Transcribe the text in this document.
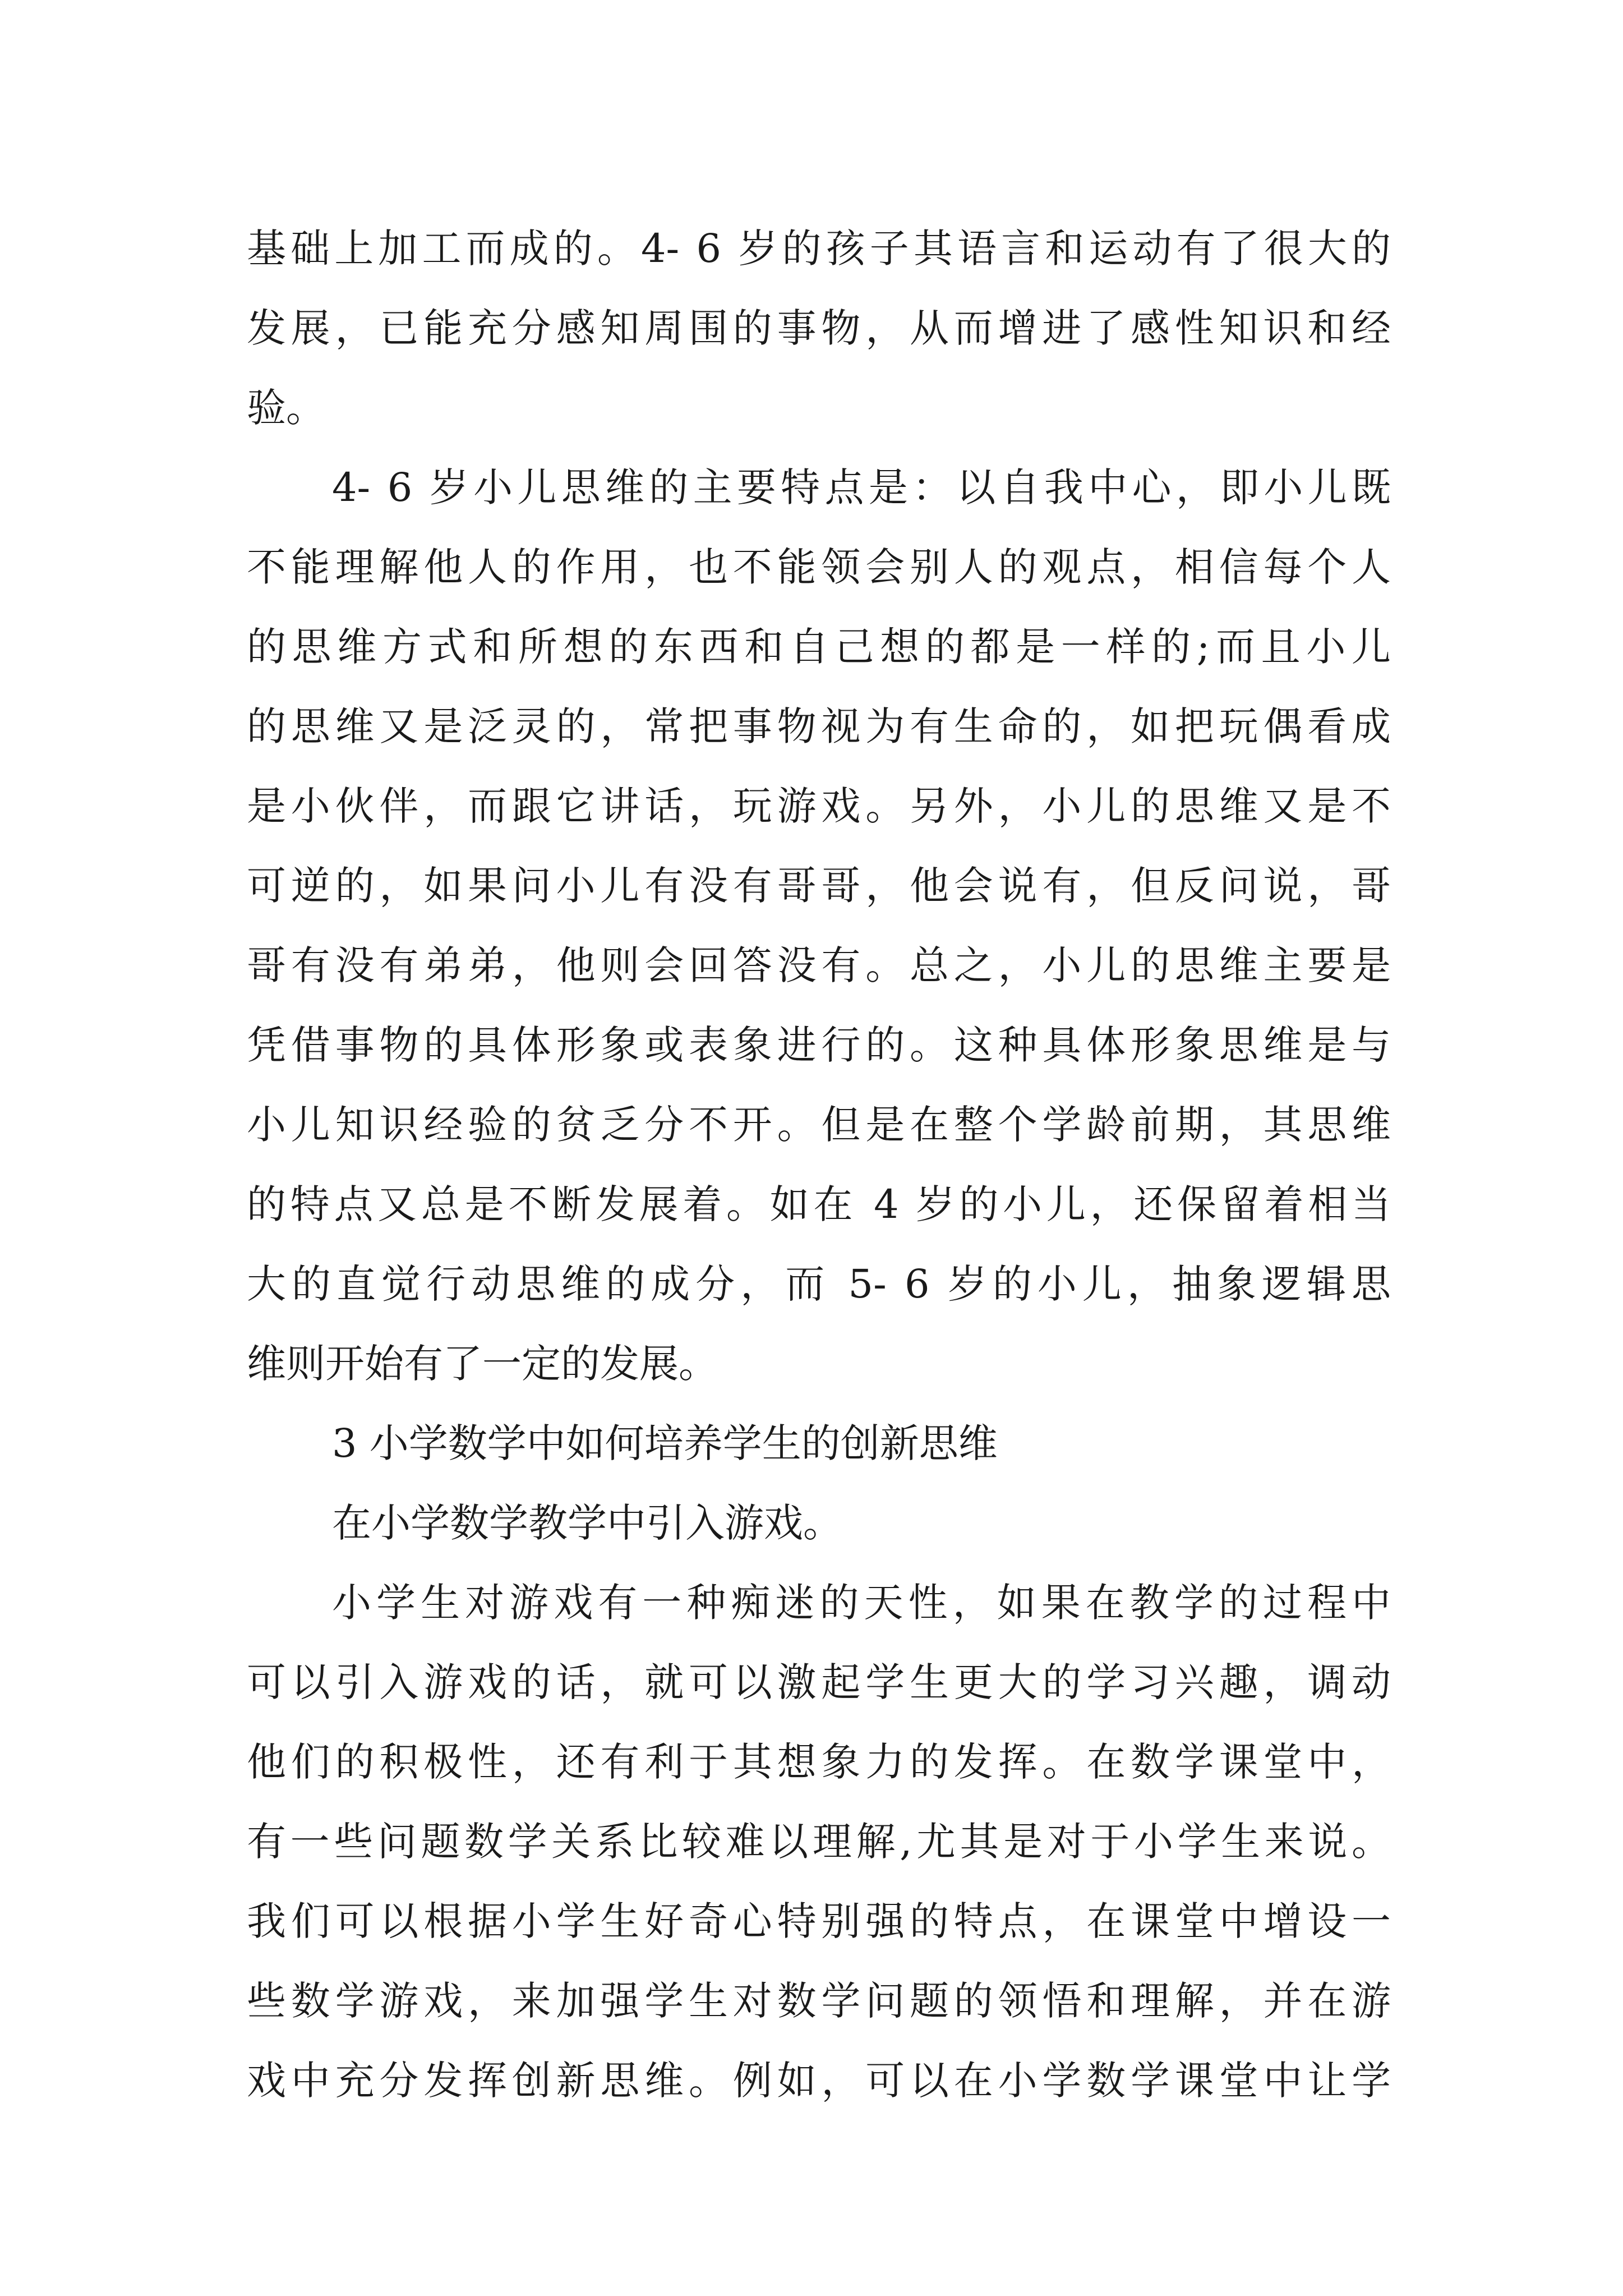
基础上加工而成的。4- 6 岁的孩子其语言和运动有了很大的
发展，已能充分感知周围的事物，从而增进了感性知识和经
验。
4- 6 岁小儿思维的主要特点是：以自我中心，即小儿既
不能理解他人的作用，也不能领会别人的观点，相信每个人
的思维方式和所想的东西和自己想的都是一样的;而且小儿
的思维又是泛灵的，常把事物视为有生命的，如把玩偶看成
是小伙伴，而跟它讲话，玩游戏。另外，小儿的思维又是不
可逆的，如果问小儿有没有哥哥，他会说有，但反问说，哥
哥有没有弟弟，他则会回答没有。总之，小儿的思维主要是
凭借事物的具体形象或表象进行的。这种具体形象思维是与
小儿知识经验的贫乏分不开。但是在整个学龄前期，其思维
的特点又总是不断发展着。如在 4 岁的小儿，还保留着相当
大的直觉行动思维的成分，而 5- 6 岁的小儿，抽象逻辑思
维则开始有了一定的发展。
3 小学数学中如何培养学生的创新思维
在小学数学教学中引入游戏。
小学生对游戏有一种痴迷的天性，如果在教学的过程中
可以引入游戏的话，就可以激起学生更大的学习兴趣，调动
他们的积极性，还有利于其想象力的发挥。在数学课堂中，
有一些问题数学关系比较难以理解,尤其是对于小学生来说。
我们可以根据小学生好奇心特别强的特点，在课堂中增设一
些数学游戏，来加强学生对数学问题的领悟和理解，并在游
戏中充分发挥创新思维。例如，可以在小学数学课堂中让学
